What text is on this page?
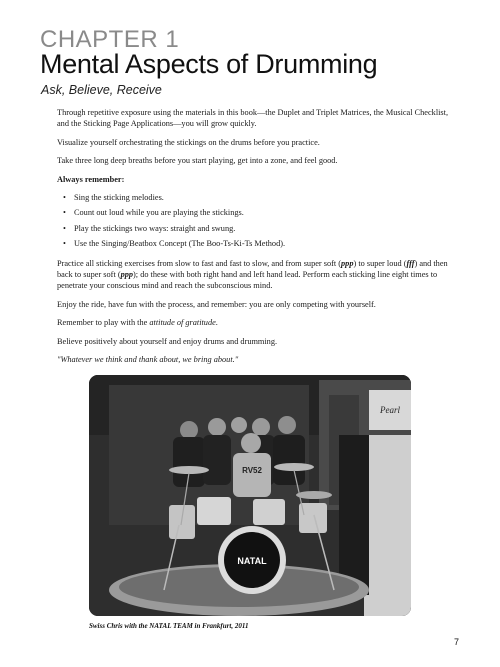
CHAPTER 1
Mental Aspects of Drumming
Ask, Believe, Receive

Through repetitive exposure using the materials in this book—the Duplet and Triplet Matrices, the Musical Checklist, and the Sticking Page Applications—you will grow quickly.

Visualize yourself orchestrating the stickings on the drums before you practice.

Take three long deep breaths before you start playing, get into a zone, and feel good.

Always remember:

• Sing the sticking melodies.
• Count out loud while you are playing the stickings.
• Play the stickings two ways: straight and swung.
• Use the Singing/Beatbox Concept (The Boo-Ts-Ki-Ts Method).

Practice all sticking exercises from slow to fast and fast to slow, and from super soft (ppp) to super loud (fff) and then back to super soft (ppp); do these with both right hand and left hand lead. Perform each sticking line eight times to penetrate your conscious mind and reach the subconscious mind.

Enjoy the ride, have fun with the process, and remember: you are only competing with yourself.

Remember to play with the attitude of gratitude.

Believe positively about yourself and enjoy drums and drumming.

"Whatever we think and thank about, we bring about."

Pearl
RV52
NATAL
Swiss Chris with the NATAL TEAM in Frankfurt, 2011
7
